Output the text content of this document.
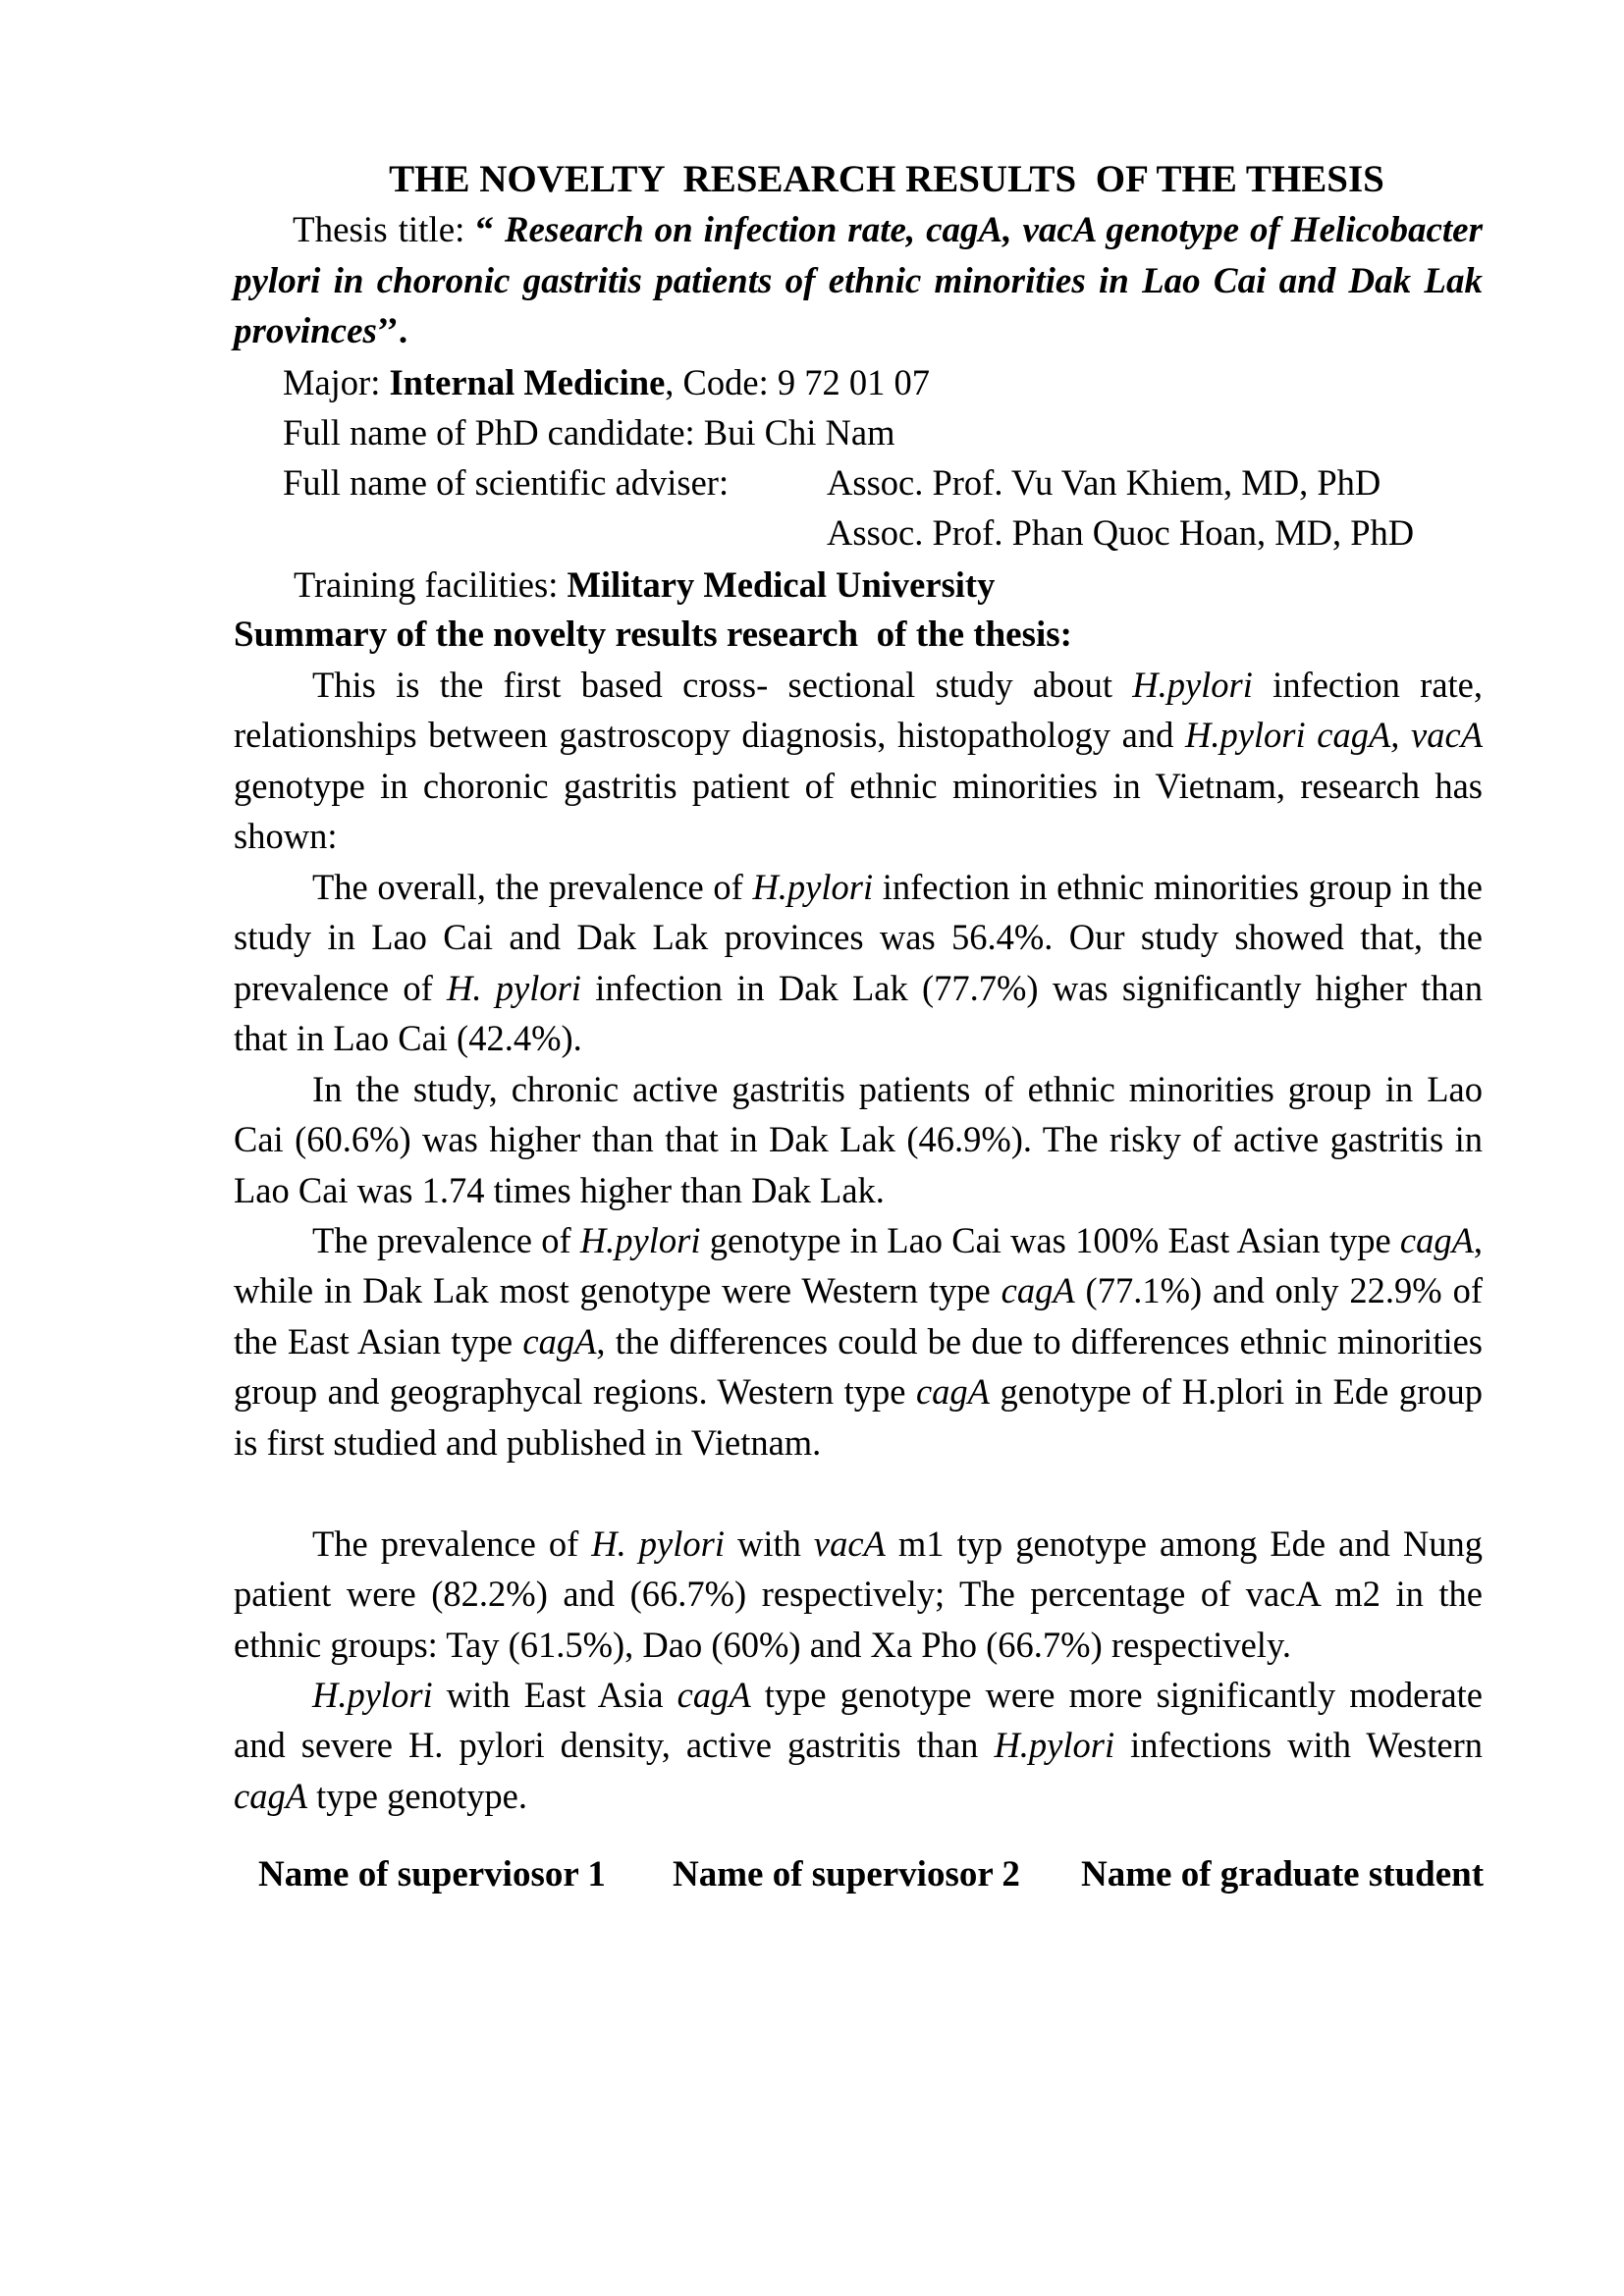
THE NOVELTY  RESEARCH RESULTS  OF THE THESIS
Thesis title: “ Research on infection rate, cagA, vacA genotype of Helicobacter pylori in choronic gastritis patients of ethnic minorities in Lao Cai and Dak Lak provinces’’.
Major: Internal Medicine, Code: 9 72 01 07
Full name of PhD candidate: Bui Chi Nam
Full name of scientific adviser:	Assoc. Prof. Vu Van Khiem, MD, PhD
Assoc. Prof. Phan Quoc Hoan, MD, PhD
Training facilities: Military Medical University
Summary of the novelty results research  of the thesis:
This is the first based cross- sectional study about H.pylori infection rate, relationships between gastroscopy diagnosis, histopathology and H.pylori cagA, vacA genotype in choronic gastritis patient of ethnic minorities in Vietnam, research has shown:
The overall, the prevalence of H.pylori infection in ethnic minorities group in the study in Lao Cai and Dak Lak provinces was 56.4%. Our study showed that, the prevalence of H. pylori infection in Dak Lak (77.7%) was significantly higher than that in Lao Cai (42.4%).
In the study, chronic active gastritis patients of ethnic minorities group in Lao Cai (60.6%) was higher than that in Dak Lak (46.9%). The risky of active gastritis in Lao Cai was 1.74 times higher than Dak Lak.
The prevalence of H.pylori genotype in Lao Cai was 100% East Asian type cagA, while in Dak Lak most genotype were Western type cagA (77.1%) and only 22.9% of the East Asian type cagA, the differences could be due to differences ethnic minorities group and geographycal regions. Western type cagA genotype of H.plori in Ede group is first studied and published in Vietnam.
The prevalence of H. pylori with vacA m1 typ genotype among Ede and Nung patient were (82.2%) and (66.7%) respectively; The percentage of vacA m2 in the ethnic groups: Tay (61.5%), Dao (60%) and Xa Pho (66.7%) respectively.
H.pylori with East Asia cagA type genotype were more significantly moderate and severe H. pylori density, active gastritis than H.pylori infections with Western cagA type genotype.
Name of superviosor 1 Name of superviosor 2 Name of graduate student
